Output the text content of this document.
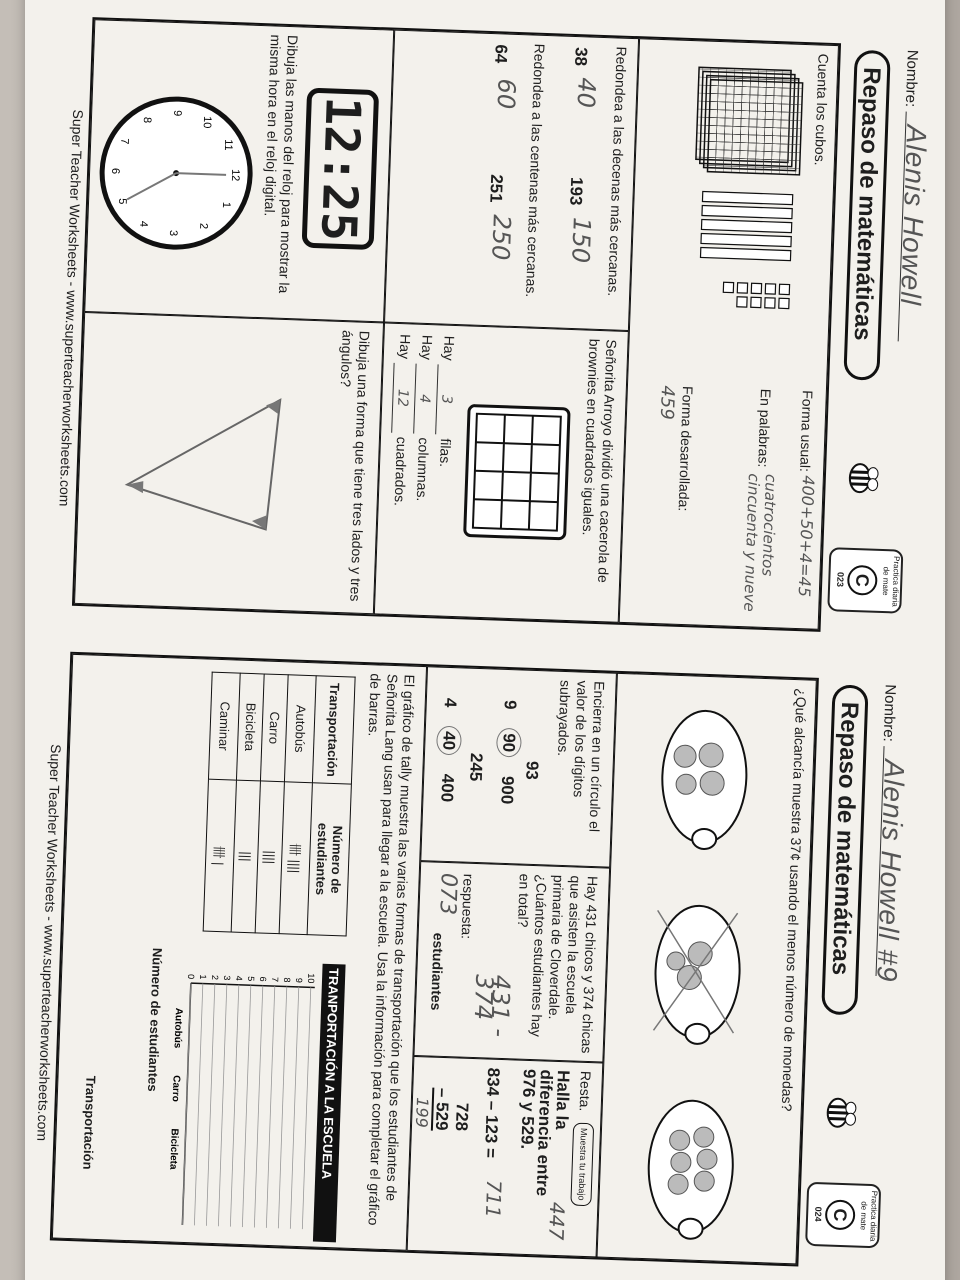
Nombre:
Alenis Howell
Repaso de matemáticas
Practica diaria de mate
C
023
Cuenta los cubos.
Forma usual:
400+50+4=45
En palabras:
cuatrocientos cincuenta y nueve
Forma desarrollada:
459
Redondea a las decenas más cercanas.
38
40
193
150
Redondea a las centenas más cercanas.
64
60
251
250
Señorita Arroyo dividió una cacerola de brownies en cuadrados iguales.
Hay 3 filas.
Hay 4 columnas.
Hay 12 cuadrados.
12:25
Dibuja las manos del reloj para mostrar la misma hora en el reloj digital.
12
1
2
3
4
5
6
7
8
9
10
11
Dibuja una forma que tiene tres lados y tres ángulos?
Super Teacher Worksheets - www.superteacherworksheets.com
Nombre:
Alenis Howell #9
Repaso de matemáticas
Practica diaria de mate
C
024
¿Qué alcancía muestra 37¢ usando el menos número de monedas?
Encierra en un círculo el valor de los dígitos subrayados.
93
9 90 900
245
4 40 400
Hay 431 chicos y 374 chicas que asisten la escuela primaria de Cloverdale. ¿Cuántos estudiantes hay en total?
431 - 374
respuesta:
073
estudiantes
Resta.
Muestra tu trabajo
Halla la diferencia entre 976 y 529.
447
834 – 123 =
711
728
– 529
199
El gráfico de tally muestra las varias formas de transportación que los estudiantes de Señorita Lang usan para llegar a la escuela. Usa la información para completar el gráfico de barras.
Transportación	Número de estudiantes
Autobús	卌 ||||
Carro	||||
Bicicleta	|||
Caminar	卌 |
TRANPORTACIÓN A LA ESCUELA
Número de estudiantes 0 1 2 3 4 5 6 7 8 9 10
Autobús
Carro
Bicicleta
Transportación
Super Teacher Worksheets - www.superteacherworksheets.com
